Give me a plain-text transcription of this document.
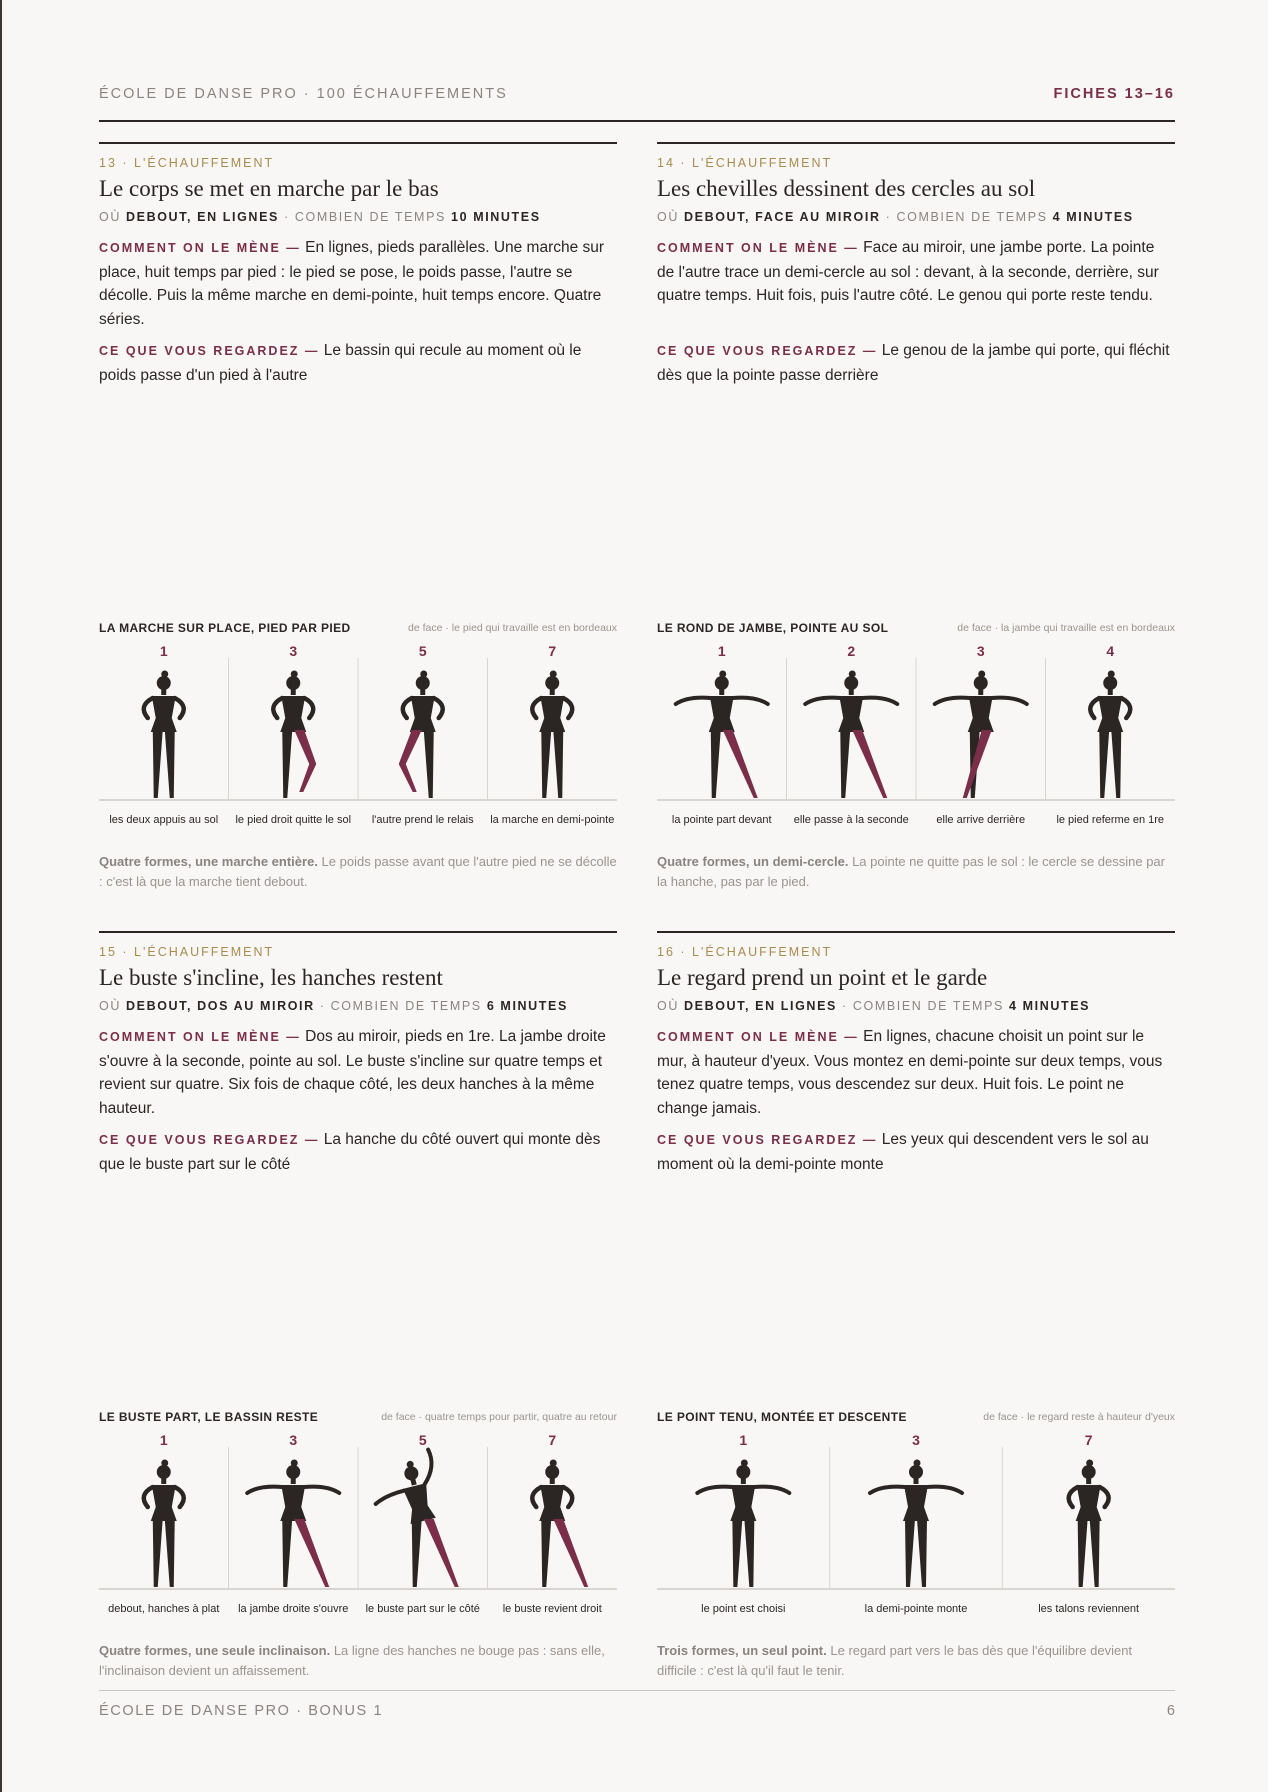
ÉCOLE DE DANSE PRO · 100 ÉCHAUFFEMENTS	FICHES 13–16
13 · L'ÉCHAUFFEMENT
Le corps se met en marche par le bas
OÙ DEBOUT, EN LIGNES · COMBIEN DE TEMPS 10 MINUTES
COMMENT ON LE MÈNE — En lignes, pieds parallèles. Une marche sur place, huit temps par pied : le pied se pose, le poids passe, l'autre se décolle. Puis la même marche en demi-pointe, huit temps encore. Quatre séries.
CE QUE VOUS REGARDEZ — Le bassin qui recule au moment où le poids passe d'un pied à l'autre
LA MARCHE SUR PLACE, PIED PAR PIED	de face · le pied qui travaille est en bordeaux
1
les deux appuis au sol
3
le pied droit quitte le sol
5
l'autre prend le relais
7
la marche en demi-pointe
Quatre formes, une marche entière. Le poids passe avant que l'autre pied ne se décolle : c'est là que la marche tient debout.
14 · L'ÉCHAUFFEMENT
Les chevilles dessinent des cercles au sol
OÙ DEBOUT, FACE AU MIROIR · COMBIEN DE TEMPS 4 MINUTES
COMMENT ON LE MÈNE — Face au miroir, une jambe porte. La pointe de l'autre trace un demi-cercle au sol : devant, à la seconde, derrière, sur quatre temps. Huit fois, puis l'autre côté. Le genou qui porte reste tendu.
CE QUE VOUS REGARDEZ — Le genou de la jambe qui porte, qui fléchit dès que la pointe passe derrière
LE ROND DE JAMBE, POINTE AU SOL	de face · la jambe qui travaille est en bordeaux
1
la pointe part devant
2
elle passe à la seconde
3
elle arrive derrière
4
le pied referme en 1re
Quatre formes, un demi-cercle. La pointe ne quitte pas le sol : le cercle se dessine par la hanche, pas par le pied.
15 · L'ÉCHAUFFEMENT
Le buste s'incline, les hanches restent
OÙ DEBOUT, DOS AU MIROIR · COMBIEN DE TEMPS 6 MINUTES
COMMENT ON LE MÈNE — Dos au miroir, pieds en 1re. La jambe droite s'ouvre à la seconde, pointe au sol. Le buste s'incline sur quatre temps et revient sur quatre. Six fois de chaque côté, les deux hanches à la même hauteur.
CE QUE VOUS REGARDEZ — La hanche du côté ouvert qui monte dès que le buste part sur le côté
LE BUSTE PART, LE BASSIN RESTE	de face · quatre temps pour partir, quatre au retour
1
debout, hanches à plat
3
la jambe droite s'ouvre
5
le buste part sur le côté
7
le buste revient droit
Quatre formes, une seule inclinaison. La ligne des hanches ne bouge pas : sans elle, l'inclinaison devient un affaissement.
16 · L'ÉCHAUFFEMENT
Le regard prend un point et le garde
OÙ DEBOUT, EN LIGNES · COMBIEN DE TEMPS 4 MINUTES
COMMENT ON LE MÈNE — En lignes, chacune choisit un point sur le mur, à hauteur d'yeux. Vous montez en demi-pointe sur deux temps, vous tenez quatre temps, vous descendez sur deux. Huit fois. Le point ne change jamais.
CE QUE VOUS REGARDEZ — Les yeux qui descendent vers le sol au moment où la demi-pointe monte
LE POINT TENU, MONTÉE ET DESCENTE	de face · le regard reste à hauteur d'yeux
1
le point est choisi
3
la demi-pointe monte
7
les talons reviennent
Trois formes, un seul point. Le regard part vers le bas dès que l'équilibre devient difficile : c'est là qu'il faut le tenir.
ÉCOLE DE DANSE PRO · BONUS 1	6
